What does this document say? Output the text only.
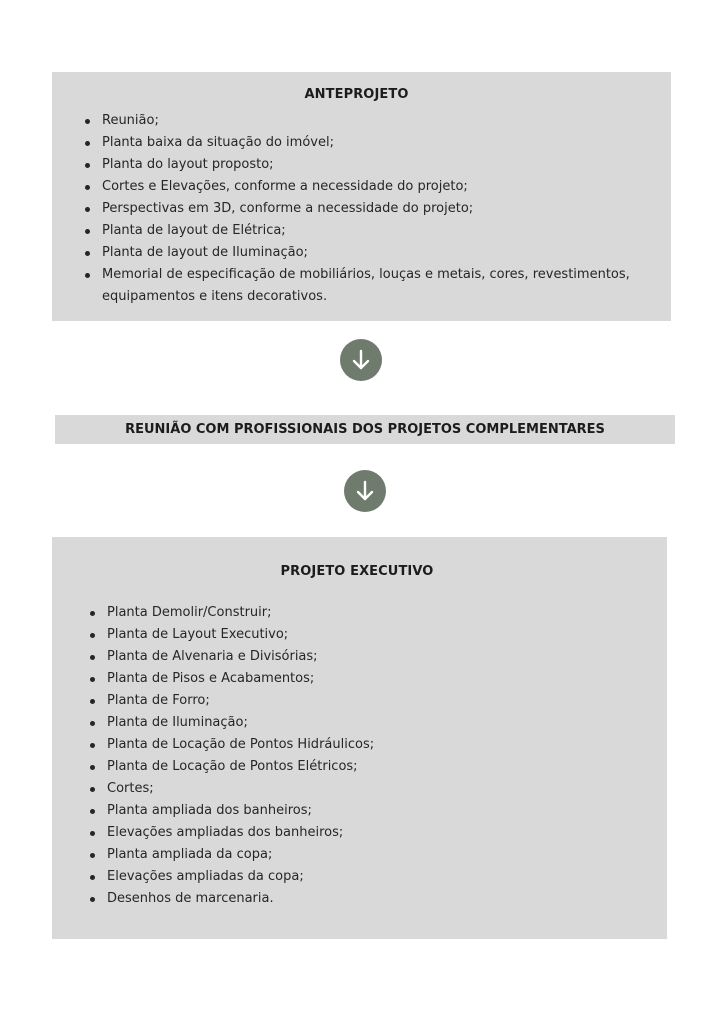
ANTEPROJETO
Reunião;
Planta baixa da situação do imóvel;
Planta do layout proposto;
Cortes e Elevações, conforme a necessidade do projeto;
Perspectivas em 3D, conforme a necessidade do projeto;
Planta de layout de Elétrica;
Planta de layout de Iluminação;
Memorial de especificação de mobiliários, louças e metais, cores, revestimentos, equipamentos e itens decorativos.
REUNIÃO COM PROFISSIONAIS DOS PROJETOS COMPLEMENTARES
PROJETO EXECUTIVO
Planta Demolir/Construir;
Planta de Layout Executivo;
Planta de Alvenaria e Divisórias;
Planta de Pisos e Acabamentos;
Planta de Forro;
Planta de Iluminação;
Planta de Locação de Pontos Hidráulicos;
Planta de Locação de Pontos Elétricos;
Cortes;
Planta ampliada dos banheiros;
Elevações ampliadas dos banheiros;
Planta ampliada da copa;
Elevações ampliadas da copa;
Desenhos de marcenaria.
